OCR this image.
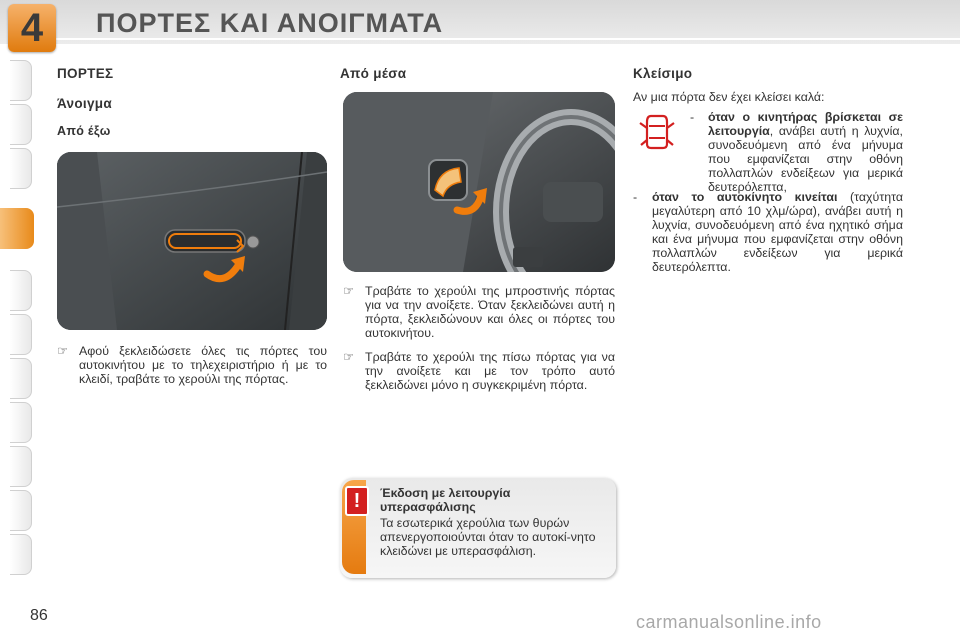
4	ΠΟΡΤΕΣ ΚΑΙ ΑΝΟΙΓΜΑΤΑ
ΠΟΡΤΕΣ
Άνοιγμα
Από έξω
☞ Αφού ξεκλειδώσετε όλες τις πόρτες του αυτοκινήτου με το τηλεχειριστήριο ή με το κλειδί, τραβάτε το χερούλι της πόρτας.
Από μέσα
☞ Τραβάτε το χερούλι της μπροστινής πόρτας για να την ανοίξετε. Όταν ξεκλειδώνει αυτή η πόρτα, ξεκλειδώνουν και όλες οι πόρτες του αυτοκινήτου.
☞ Τραβάτε το χερούλι της πίσω πόρτας για να την ανοίξετε και με τον τρόπο αυτό ξεκλειδώνει μόνο η συγκεκριμένη πόρτα.
Έκδοση με λειτουργία υπερασφάλισης
Τα εσωτερικά χερούλια των θυρών απενεργοποιούνται όταν το αυτοκί-νητο κλειδώνει με υπερασφάλιση.
!
Κλείσιμο
Αν μια πόρτα δεν έχει κλείσει καλά:
-	όταν ο κινητήρας βρίσκεται σε λειτουργία, ανάβει αυτή η λυχνία, συνοδευόμενη από ένα μήνυμα που εμφανίζεται στην οθόνη πολλαπλών ενδείξεων για μερικά δευτερόλεπτα,
-	όταν το αυτοκίνητο κινείται (ταχύτητα μεγαλύτερη από 10 χλμ/ώρα), ανάβει αυτή η λυχνία, συνοδευόμενη από ένα ηχητικό σήμα και ένα μήνυμα που εμφανίζεται στην οθόνη πολλαπλών ενδείξεων για μερικά δευτερόλεπτα.
86	carmanualsonline.info
